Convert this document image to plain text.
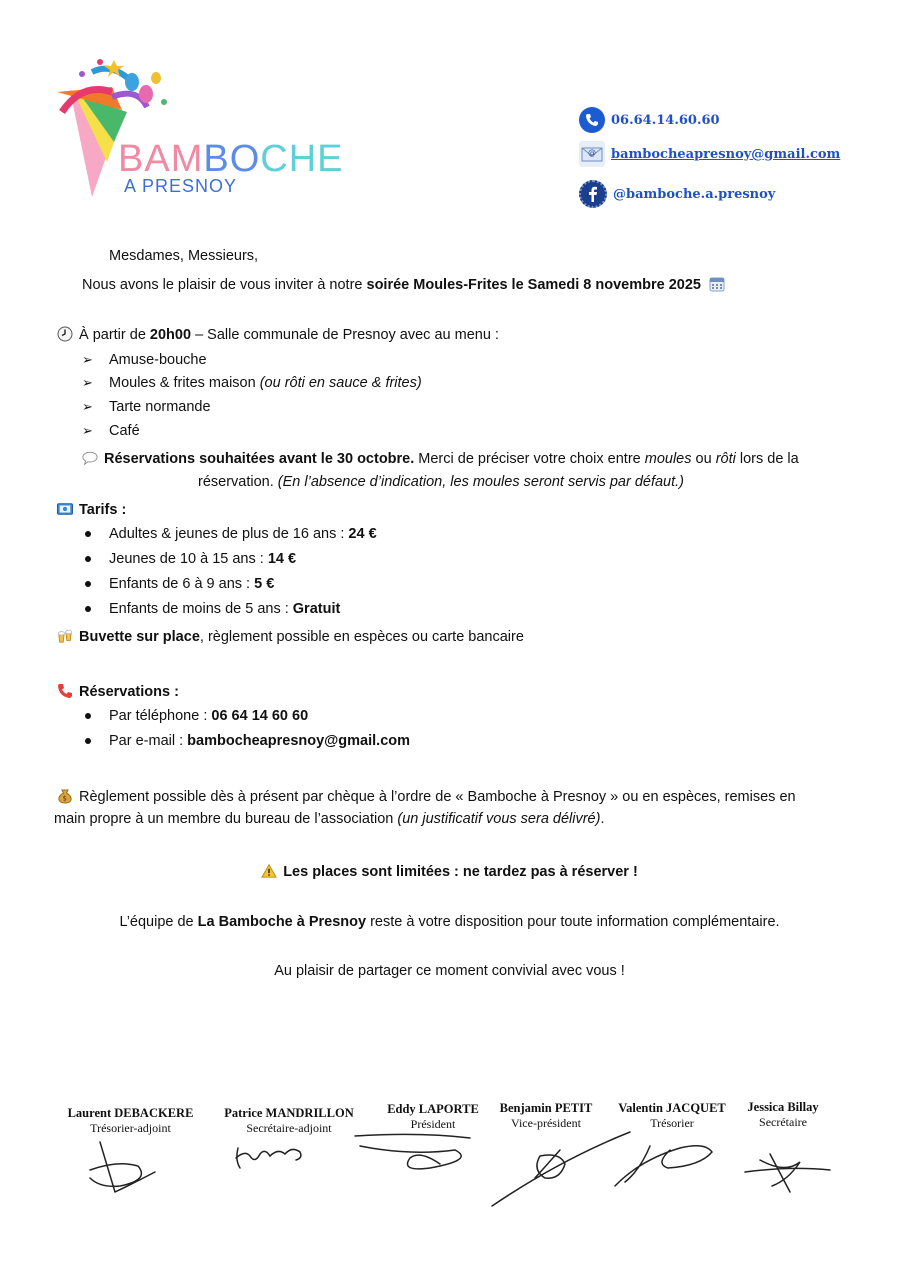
BAMBOCHE
A PRESNOY
06.64.14.60.60
@ bambocheapresnoy@gmail.com
@bamboche.a.presnoy
Mesdames, Messieurs,
Nous avons le plaisir de vous inviter à notre soirée Moules-Frites le Samedi 8 novembre 2025
À partir de 20h00 – Salle communale de Presnoy avec au menu :
➢ Amuse-bouche
➢ Moules & frites maison (ou rôti en sauce & frites)
➢ Tarte normande
➢ Café
Réservations souhaitées avant le 30 octobre. Merci de préciser votre choix entre moules ou rôti lors de la
réservation. (En l’absence d’indication, les moules seront servis par défaut.)
Tarifs :
Adultes & jeunes de plus de 16 ans : 24 €
Jeunes de 10 à 15 ans : 14 €
Enfants de 6 à 9 ans : 5 €
Enfants de moins de 5 ans : Gratuit
Buvette sur place, règlement possible en espèces ou carte bancaire
Réservations :
Par téléphone : 06 64 14 60 60
Par e-mail : bambocheapresnoy@gmail.com
$ Règlement possible dès à présent par chèque à l’ordre de « Bamboche à Presnoy » ou en espèces, remises en
main propre à un membre du bureau de l’association (un justificatif vous sera délivré).
Les places sont limitées : ne tardez pas à réserver !
L’équipe de La Bamboche à Presnoy reste à votre disposition pour toute information complémentaire.
Au plaisir de partager ce moment convivial avec vous !
Laurent DEBACKERE
Trésorier-adjoint
Patrice MANDRILLON
Secrétaire-adjoint
Eddy LAPORTE
Président
Benjamin PETIT
Vice-président
Valentin JACQUET
Trésorier
Jessica Billay
Secrétaire
